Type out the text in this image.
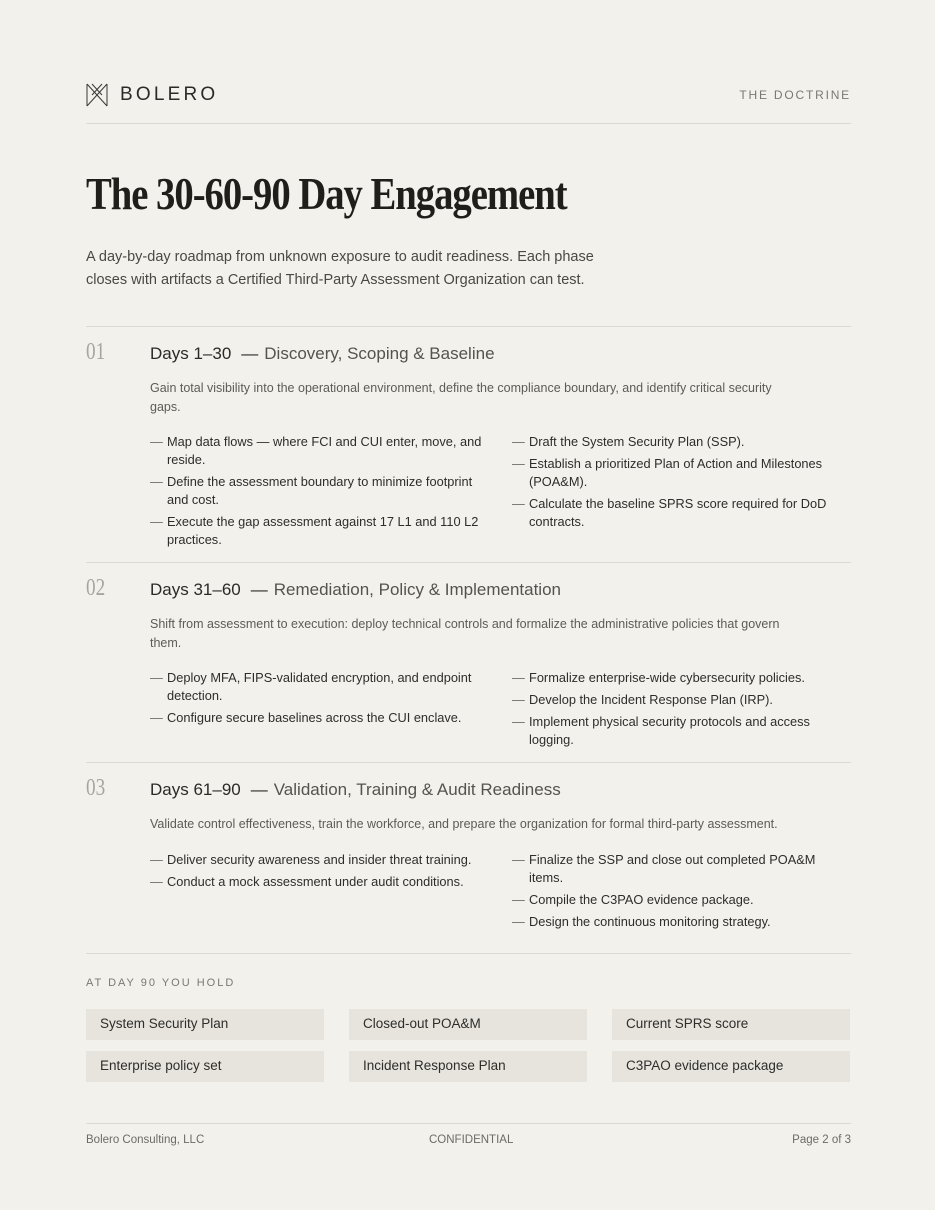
BOLERO	THE DOCTRINE
The 30-60-90 Day Engagement

A day-by-day roadmap from unknown exposure to audit readiness. Each phase closes with artifacts a Certified Third-Party Assessment Organization can test.

01	Days 1–30 — Discovery, Scoping & Baseline

Gain total visibility into the operational environment, define the compliance boundary, and identify critical security gaps.

— Map data flows — where FCI and CUI enter, move, and reside.
— Define the assessment boundary to minimize footprint and cost.
— Execute the gap assessment against 17 L1 and 110 L2 practices.
— Draft the System Security Plan (SSP).
— Establish a prioritized Plan of Action and Milestones (POA&M).
— Calculate the baseline SPRS score required for DoD contracts.
02	Days 31–60 — Remediation, Policy & Implementation

Shift from assessment to execution: deploy technical controls and formalize the administrative policies that govern them.

— Deploy MFA, FIPS-validated encryption, and endpoint detection.
— Configure secure baselines across the CUI enclave.
— Formalize enterprise-wide cybersecurity policies.
— Develop the Incident Response Plan (IRP).
— Implement physical security protocols and access logging.
03	Days 61–90 — Validation, Training & Audit Readiness

Validate control effectiveness, train the workforce, and prepare the organization for formal third-party assessment.

— Deliver security awareness and insider threat training.
— Conduct a mock assessment under audit conditions.
— Finalize the SSP and close out completed POA&M items.
— Compile the C3PAO evidence package.
— Design the continuous monitoring strategy.
AT DAY 90 YOU HOLD
System Security Plan	Closed-out POA&M	Current SPRS score
Enterprise policy set	Incident Response Plan	C3PAO evidence package
Bolero Consulting, LLC	CONFIDENTIAL	Page 2 of 3
